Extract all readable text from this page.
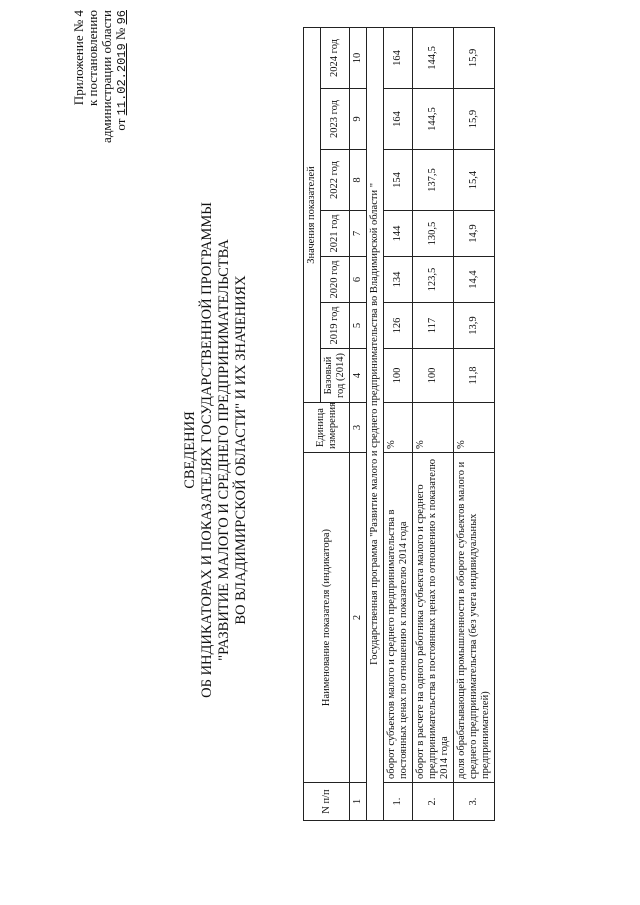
Приложение № 4 к постановлению администрации области от 11.02.2019 № 96
СВЕДЕНИЯ ОБ ИНДИКАТОРАХ И ПОКАЗАТЕЛЯХ ГОСУДАРСТВЕННОЙ ПРОГРАММЫ "РАЗВИТИЕ МАЛОГО И СРЕДНЕГО ПРЕДПРИНИМАТЕЛЬСТВА ВО ВЛАДИМИРСКОЙ ОБЛАСТИ" И ИХ ЗНАЧЕНИЯХ
N п/п	Наименование показателя (индикатора)	Единица измерения	Значения показателей						
			Базовый год (2014)	2019 год	2020 год	2021 год	2022 год	2023 год	2024 год
1	2	3	4	5	6	7	8	9	10
Государственная программа "Развитие малого и среднего предпринимательства во Владимирской области "									
1.	оборот субъектов малого и среднего предпринимательства в постоянных ценах по отношению к показателю 2014 года	%	100	126	134	144	154	164	164
2.	оборот в расчете на одного работника субъекта малого и среднего предпринимательства в постоянных ценах по отношению к показателю 2014 года	%	100	117	123,5	130,5	137,5	144,5	144,5
3.	доля обрабатывающей промышленности в обороте субъектов малого и среднего предпринимательства (без учета индивидуальных предпринимателей)	%	11,8	13,9	14,4	14,9	15,4	15,9	15,9
